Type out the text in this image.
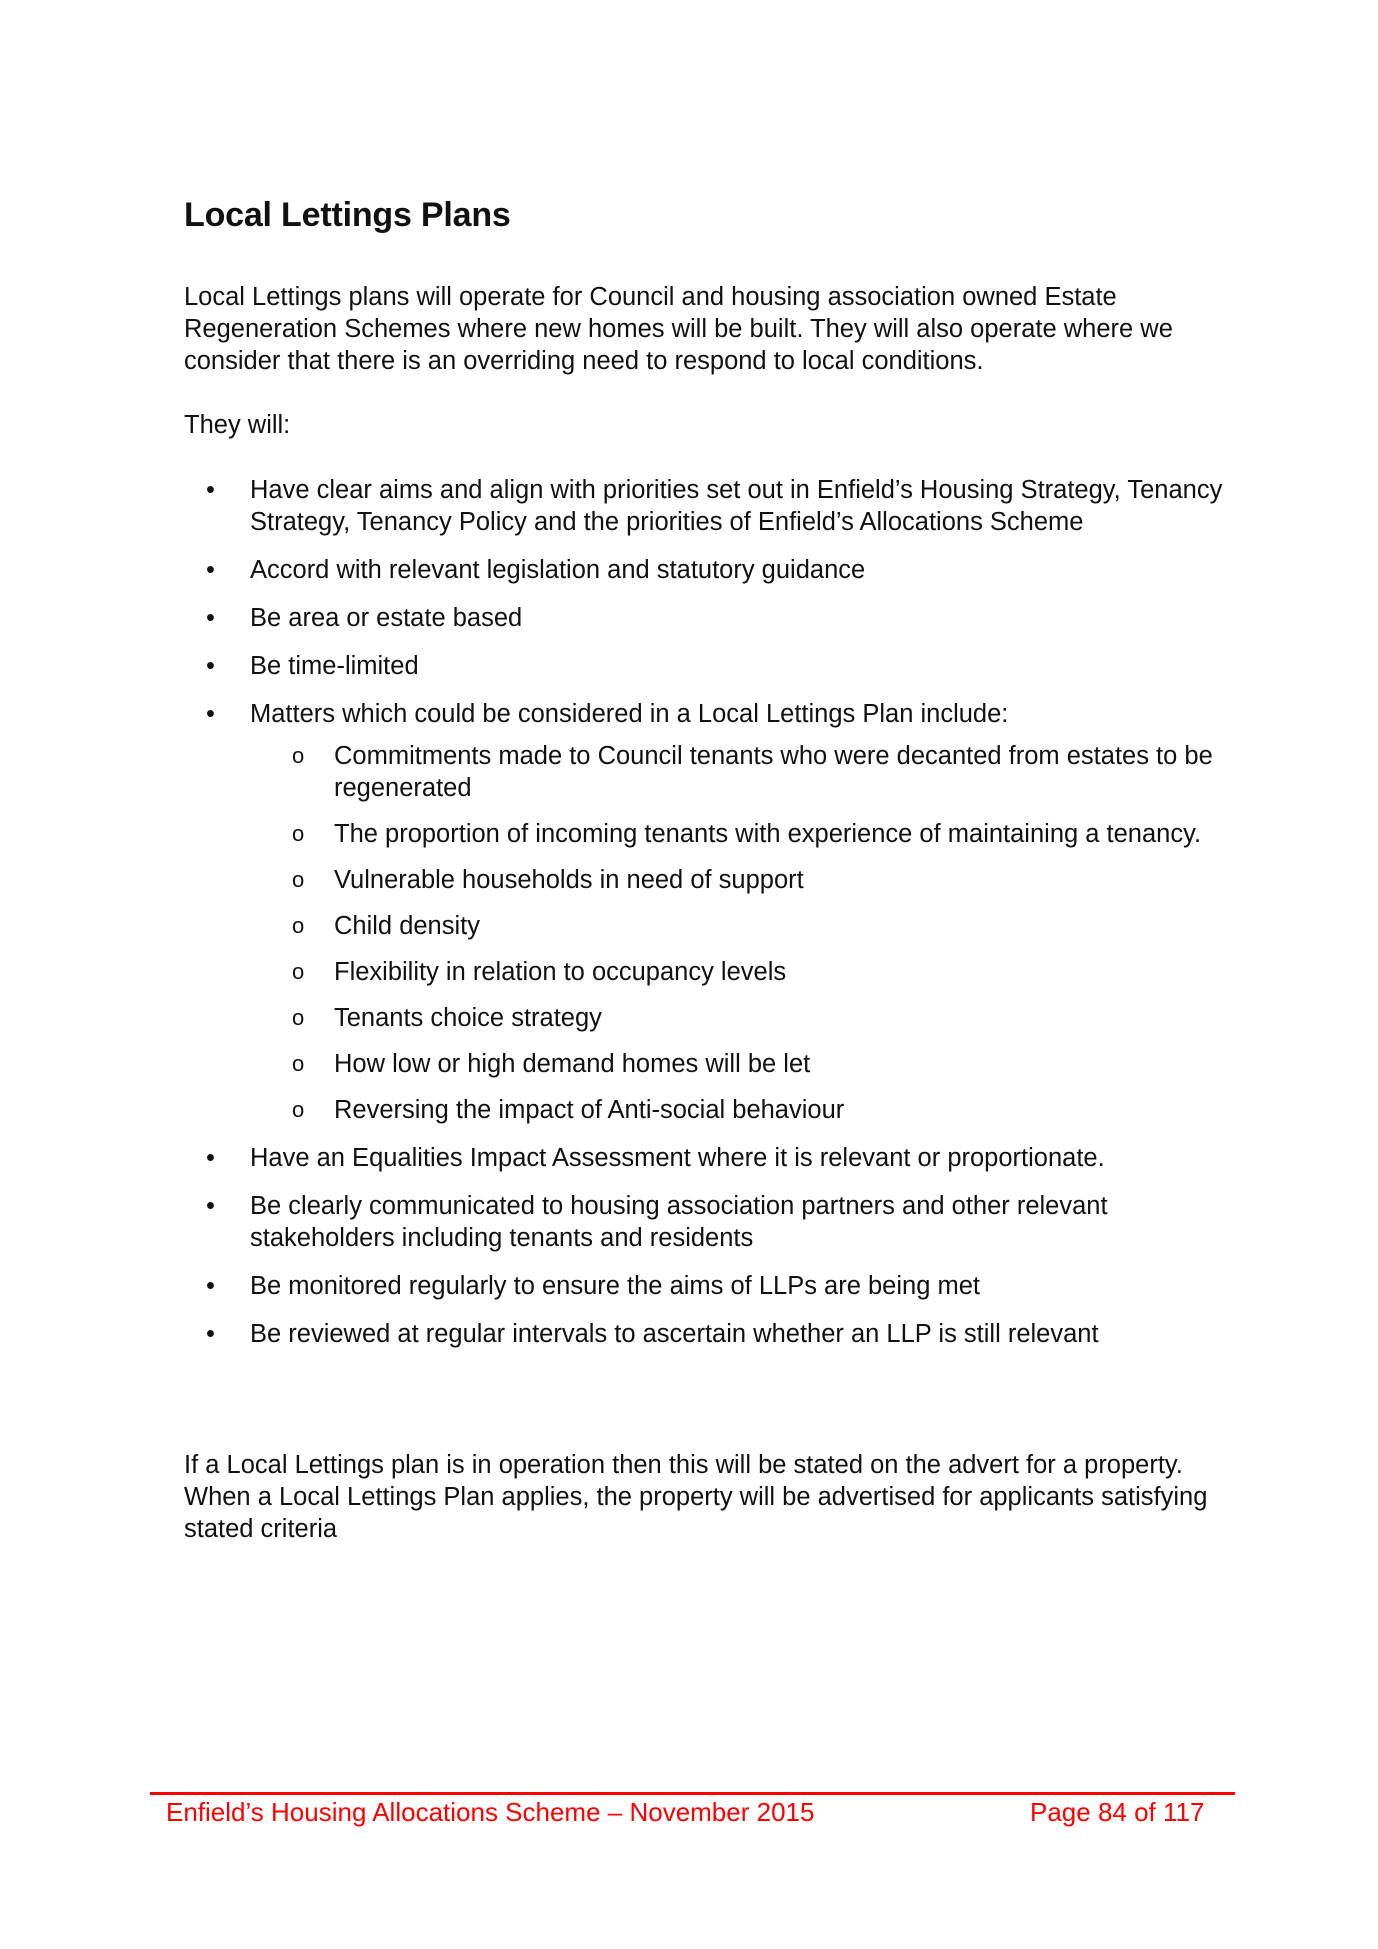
Local Lettings Plans

Local Lettings plans will operate for Council and housing association owned Estate Regeneration Schemes where new homes will be built. They will also operate where we consider that there is an overriding need to respond to local conditions.

They will:

• Have clear aims and align with priorities set out in Enfield’s Housing Strategy, Tenancy Strategy, Tenancy Policy and the priorities of Enfield’s Allocations Scheme
• Accord with relevant legislation and statutory guidance
• Be area or estate based
• Be time-limited
• Matters which could be considered in a Local Lettings Plan include:
o Commitments made to Council tenants who were decanted from estates to be regenerated
o The proportion of incoming tenants with experience of maintaining a tenancy.
o Vulnerable households in need of support
o Child density
o Flexibility in relation to occupancy levels
o Tenants choice strategy
o How low or high demand homes will be let
o Reversing the impact of Anti-social behaviour
• Have an Equalities Impact Assessment where it is relevant or proportionate.
• Be clearly communicated to housing association partners and other relevant stakeholders including tenants and residents
• Be monitored regularly to ensure the aims of LLPs are being met
• Be reviewed at regular intervals to ascertain whether an LLP is still relevant

If a Local Lettings plan is in operation then this will be stated on the advert for a property. When a Local Lettings Plan applies, the property will be advertised for applicants satisfying stated criteria

Enfield’s Housing Allocations Scheme – November 2015	Page 84 of 117
